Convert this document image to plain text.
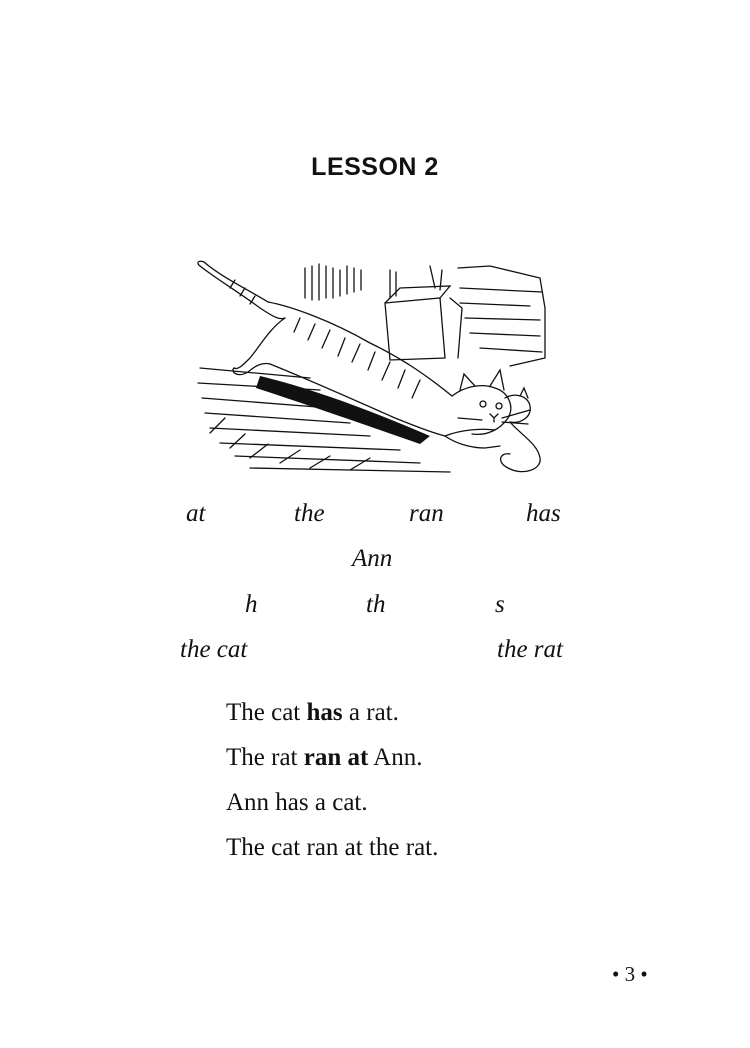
LESSON 2
at	the	ran	has
Ann
h	th	s
the cat	the rat
The cat has a rat.
The rat ran at Ann.
Ann has a cat.
The cat ran at the rat.
• 3 •
